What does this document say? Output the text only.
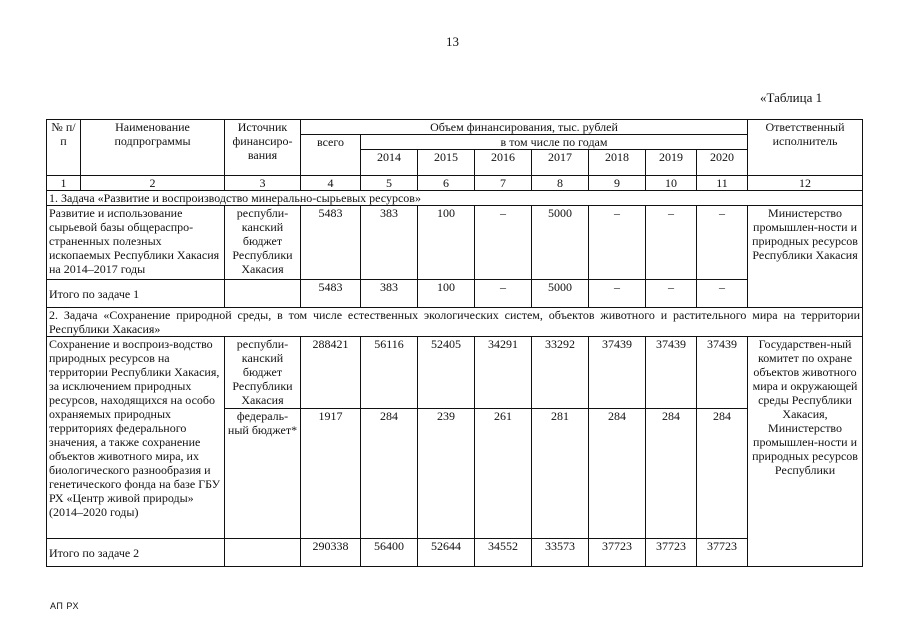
13
«Таблица 1
№ п/п	Наименование подпрограммы	Источник финансиро-вания	Объем финансирования, тыс. рублей								Ответственный исполнитель
			всего	в том числе по годам							
				2014	2015	2016	2017	2018	2019	2020	
1	2	3	4	5	6	7	8	9	10	11	12
1. Задача «Развитие и воспроизводство минерально-сырьевых ресурсов»											
Развитие и использование сырьевой базы общераспро-страненных полезных ископаемых Республики Хакасия на 2014–2017 годы		республи-канский бюджет Республики Хакасия	5483	383	100	–	5000	–	–	–	Министерство промышлен-ности и природных ресурсов Республики Хакасия
Итого по задаче 1			5483	383	100	–	5000	–	–	–	
2. Задача «Сохранение природной среды, в том числе естественных экологических систем, объектов животного и растительного мира на территории Республики Хакасия»											
Сохранение и воспроиз-водство природных ресурсов на территории Республики Хакасия, за исключением природных ресурсов, находящихся на особо охраняемых природных территориях федерального значения, а также сохранение объектов животного мира, их биологического разнообразия и генетического фонда на базе ГБУ РХ «Центр живой природы» (2014–2020 годы)		республи-канский бюджет Республики Хакасия	288421	56116	52405	34291	33292	37439	37439	37439	Государствен-ный комитет по охране объектов животного мира и окружающей среды Республики Хакасия, Министерство промышлен-ности и природных ресурсов Республики
		федераль-ный бюджет*	1917	284	239	261	281	284	284	284	
Итого по задаче 2			290338	56400	52644	34552	33573	37723	37723	37723	
АП РХ
